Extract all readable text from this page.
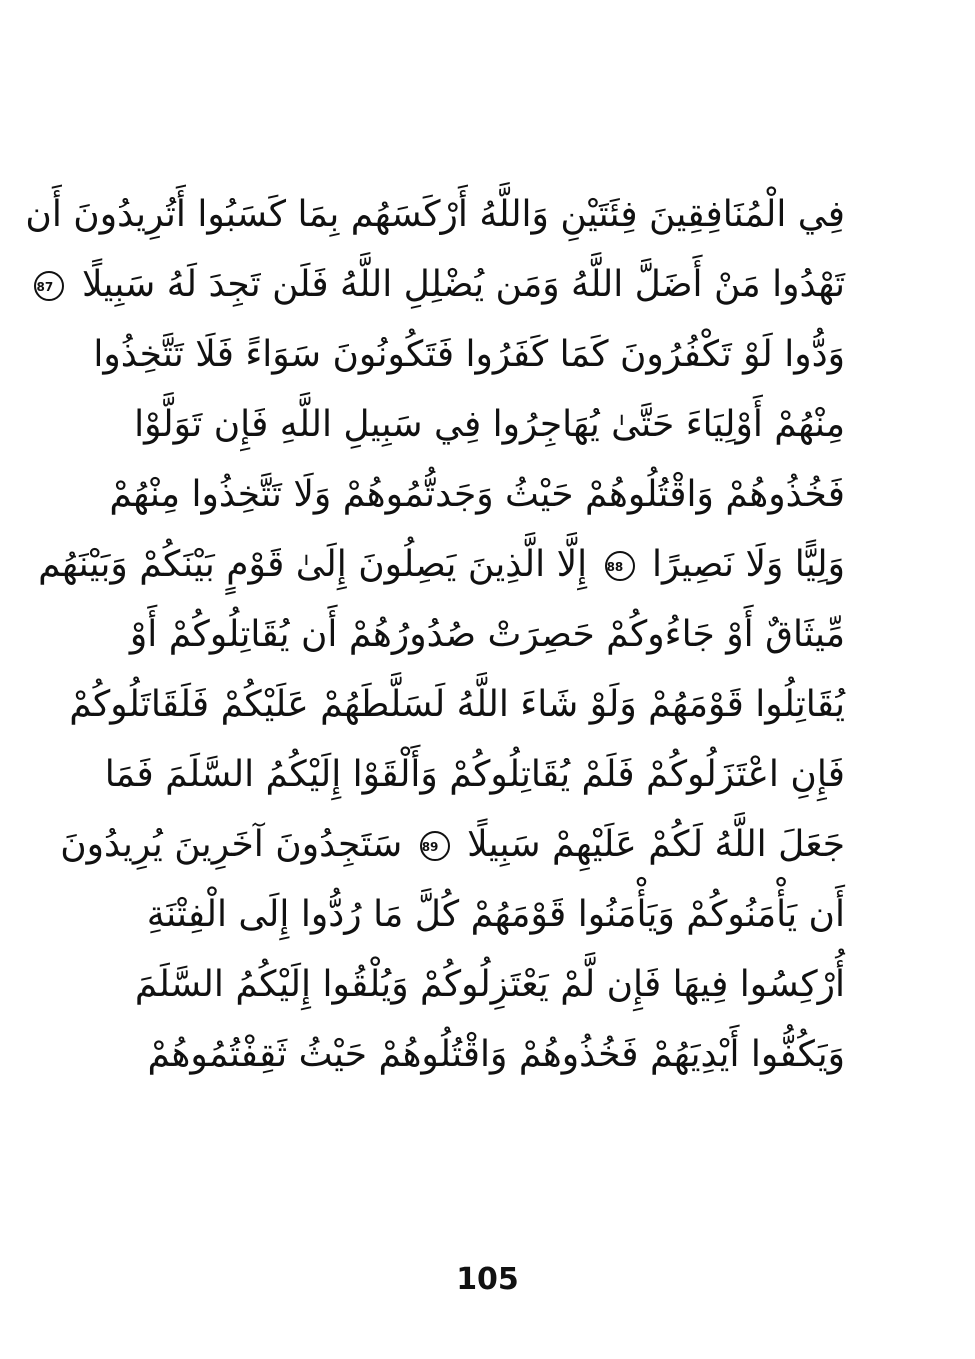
فِي الْمُنَافِقِينَ فِئَتَيْنِ وَاللَّهُ أَرْكَسَهُم بِمَا كَسَبُوا أَتُرِيدُونَ أَن
تَهْدُوا مَنْ أَضَلَّ اللَّهُ وَمَن يُضْلِلِ اللَّهُ فَلَن تَجِدَ لَهُ سَبِيلًا 87
وَدُّوا لَوْ تَكْفُرُونَ كَمَا كَفَرُوا فَتَكُونُونَ سَوَاءً فَلَا تَتَّخِذُوا
مِنْهُمْ أَوْلِيَاءَ حَتَّىٰ يُهَاجِرُوا فِي سَبِيلِ اللَّهِ فَإِن تَوَلَّوْا
فَخُذُوهُمْ وَاقْتُلُوهُمْ حَيْثُ وَجَدتُّمُوهُمْ وَلَا تَتَّخِذُوا مِنْهُمْ
وَلِيًّا وَلَا نَصِيرًا 88 إِلَّا الَّذِينَ يَصِلُونَ إِلَىٰ قَوْمٍ بَيْنَكُمْ وَبَيْنَهُم
مِّيثَاقٌ أَوْ جَاءُوكُمْ حَصِرَتْ صُدُورُهُمْ أَن يُقَاتِلُوكُمْ أَوْ
يُقَاتِلُوا قَوْمَهُمْ وَلَوْ شَاءَ اللَّهُ لَسَلَّطَهُمْ عَلَيْكُمْ فَلَقَاتَلُوكُمْ
فَإِنِ اعْتَزَلُوكُمْ فَلَمْ يُقَاتِلُوكُمْ وَأَلْقَوْا إِلَيْكُمُ السَّلَمَ فَمَا
جَعَلَ اللَّهُ لَكُمْ عَلَيْهِمْ سَبِيلًا 89 سَتَجِدُونَ آخَرِينَ يُرِيدُونَ
أَن يَأْمَنُوكُمْ وَيَأْمَنُوا قَوْمَهُمْ كُلَّ مَا رُدُّوا إِلَى الْفِتْنَةِ
أُرْكِسُوا فِيهَا فَإِن لَّمْ يَعْتَزِلُوكُمْ وَيُلْقُوا إِلَيْكُمُ السَّلَمَ
وَيَكُفُّوا أَيْدِيَهُمْ فَخُذُوهُمْ وَاقْتُلُوهُمْ حَيْثُ ثَقِفْتُمُوهُمْ
105
